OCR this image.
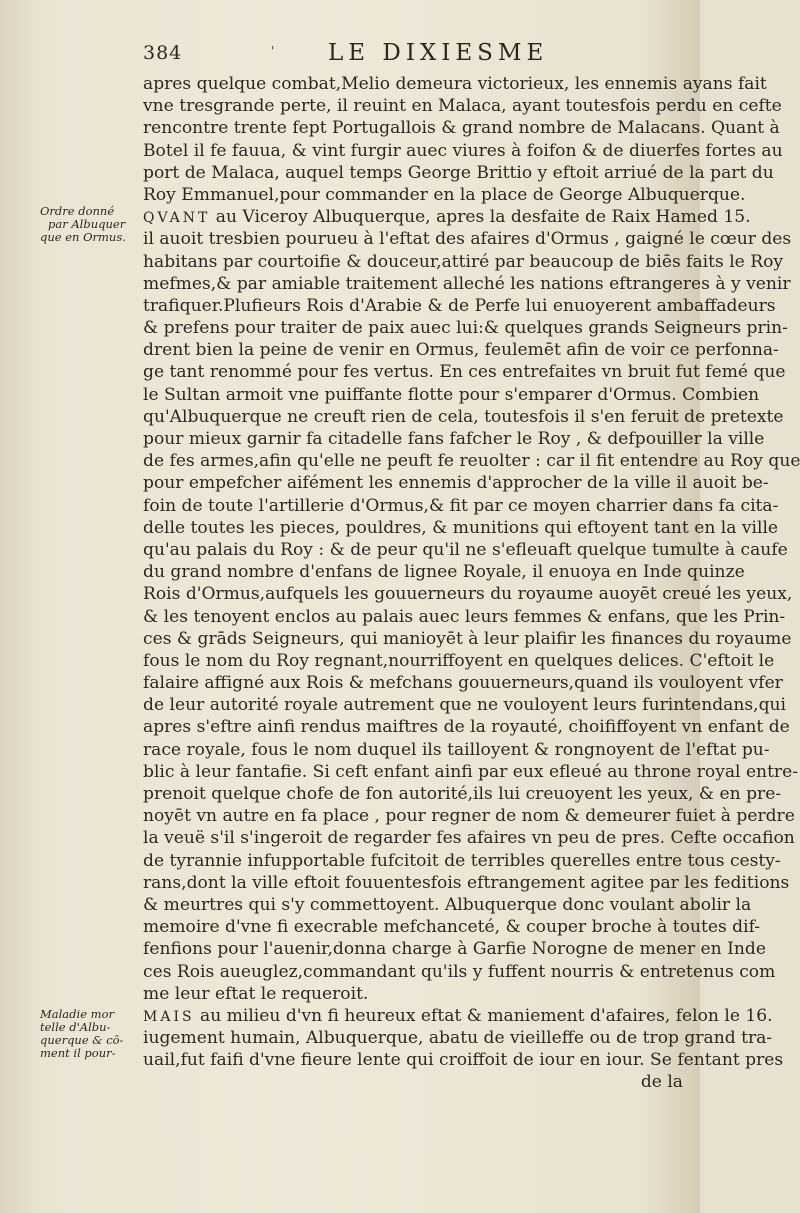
384	' LE DIXIESME
Ordre donné
par Albuquer
que en Ormus.
Maladie mor
telle d'Albu-
querque & cō-
ment il pour-
apres quelque combat,Melio demeura victorieux, les ennemis ayans fait
vne tresgrande perte, il reuint en Malaca, ayant toutesfois perdu en cefte
rencontre trente fept Portugallois & grand nombre de Malacans. Quant à
Botel il fe fauua, & vint furgir auec viures à foifon & de diuerfes fortes au
port de Malaca, auquel temps George Brittio y eftoit arriué de la part du
Roy Emmanuel,pour commander en la place de George Albuquerque.
QVANT au Viceroy Albuquerque, apres la desfaite de Raix Hamed 15.
il auoit tresbien pourueu à l'eftat des afaires d'Ormus , gaigné le cœur des
habitans par courtoifie & douceur,attiré par beaucoup de biēs faits le Roy
mefmes,& par amiable traitement alleché les nations eftrangeres à y venir
trafiquer.Plufieurs Rois d'Arabie & de Perfe lui enuoyerent ambaffadeurs
& prefens pour traiter de paix auec lui:& quelques grands Seigneurs prin-
drent bien la peine de venir en Ormus, feulemēt afin de voir ce perfonna-
ge tant renommé pour fes vertus. En ces entrefaites vn bruit fut femé que
le Sultan armoit vne puiffante flotte pour s'emparer d'Ormus. Combien
qu'Albuquerque ne creuft rien de cela, toutesfois il s'en feruit de pretexte
pour mieux garnir fa citadelle fans fafcher le Roy , & defpouiller la ville
de fes armes,afin qu'elle ne peuft fe reuolter : car il fit entendre au Roy que
pour empefcher aifément les ennemis d'approcher de la ville il auoit be-
foin de toute l'artillerie d'Ormus,& fit par ce moyen charrier dans fa cita-
delle toutes les pieces, pouldres, & munitions qui eftoyent tant en la ville
qu'au palais du Roy : & de peur qu'il ne s'efleuaft quelque tumulte à caufe
du grand nombre d'enfans de lignee Royale, il enuoya en Inde quinze
Rois d'Ormus,aufquels les gouuerneurs du royaume auoyēt creué les yeux,
& les tenoyent enclos au palais auec leurs femmes & enfans, que les Prin-
ces & grāds Seigneurs, qui manioyēt à leur plaifir les finances du royaume
fous le nom du Roy regnant,nourriffoyent en quelques delices. C'eftoit le
falaire affigné aux Rois & mefchans gouuerneurs,quand ils vouloyent vfer
de leur autorité royale autrement que ne vouloyent leurs furintendans,qui
apres s'eftre ainfi rendus maiftres de la royauté, choififfoyent vn enfant de
race royale, fous le nom duquel ils tailloyent & rongnoyent de l'eftat pu-
blic à leur fantafie. Si ceft enfant ainfi par eux efleué au throne royal entre-
prenoit quelque chofe de fon autorité,ils lui creuoyent les yeux, & en pre-
noyēt vn autre en fa place , pour regner de nom & demeurer fuiet à perdre
la veuë s'il s'ingeroit de regarder fes afaires vn peu de pres. Cefte occafion
de tyrannie infupportable fufcitoit de terribles querelles entre tous cesty-
rans,dont la ville eftoit fouuentesfois eftrangement agitee par les feditions
& meurtres qui s'y commettoyent. Albuquerque donc voulant abolir la
memoire d'vne fi execrable mefchanceté, & couper broche à toutes dif-
fenfions pour l'auenir,donna charge à Garfie Norogne de mener en Inde
ces Rois aueuglez,commandant qu'ils y fuffent nourris & entretenus com
me leur eftat le requeroit.
MAIS au milieu d'vn fi heureux eftat & maniement d'afaires, felon le 16.
iugement humain, Albuquerque, abatu de vieilleffe ou de trop grand tra-
uail,fut faifi d'vne fieure lente qui croiffoit de iour en iour. Se fentant pres
de la
